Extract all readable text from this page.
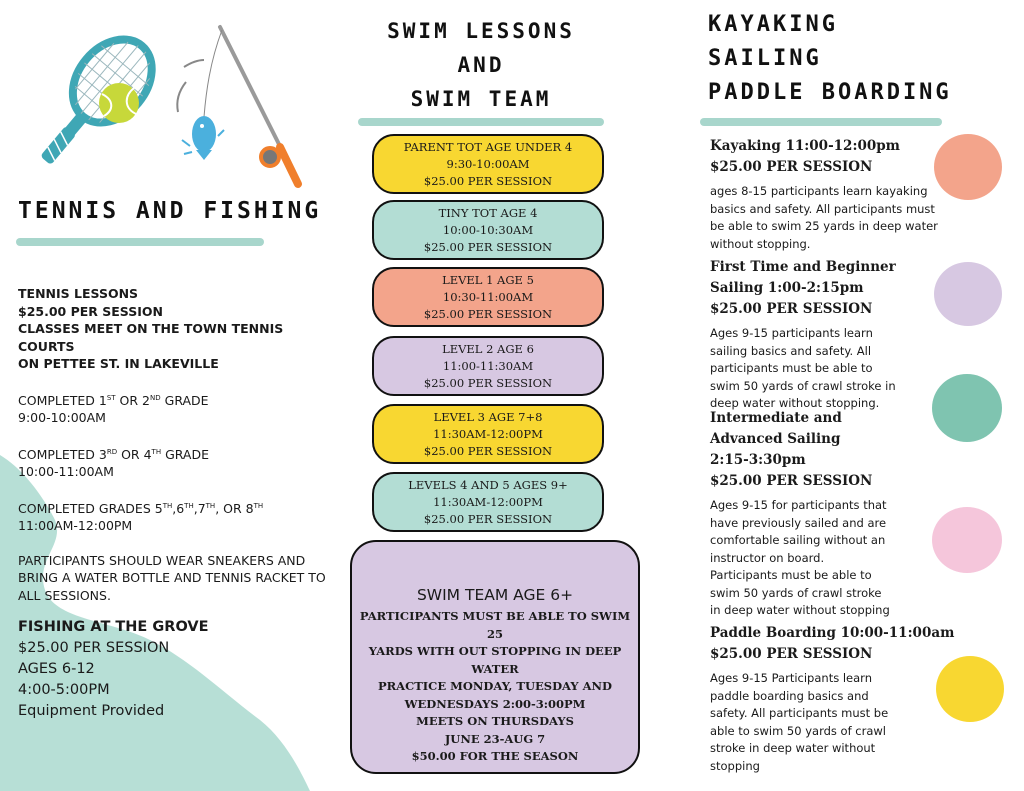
TENNIS AND FISHING

TENNIS LESSONS
$25.00 PER SESSION
CLASSES MEET ON THE TOWN TENNIS COURTS
ON PETTEE ST. IN LAKEVILLE

COMPLETED 1ST OR 2ND GRADE
9:00-10:00AM

COMPLETED 3RD OR 4TH GRADE
10:00-11:00AM

COMPLETED GRADES 5TH,6TH,7TH, OR 8TH
11:00AM-12:00PM

PARTICIPANTS SHOULD WEAR SNEAKERS AND
BRING A WATER BOTTLE AND TENNIS RACKET TO
ALL SESSIONS.

FISHING AT THE GROVE
$25.00 PER SESSION
AGES 6-12
4:00-5:00PM
Equipment Provided
SWIM LESSONS
AND
SWIM TEAM
PARENT TOT AGE UNDER 4
9:30-10:00AM
$25.00 PER SESSION
TINY TOT AGE 4
10:00-10:30AM
$25.00 PER SESSION
LEVEL 1 AGE 5
10:30-11:00AM
$25.00 PER SESSION
LEVEL 2 AGE 6
11:00-11:30AM
$25.00 PER SESSION
LEVEL 3 AGE 7+8
11:30AM-12:00PM
$25.00 PER SESSION
LEVELS 4 AND 5 AGES 9+
11:30AM-12:00PM
$25.00 PER SESSION
SWIM TEAM AGE 6+
PARTICIPANTS MUST BE ABLE TO SWIM 25
YARDS WITH OUT STOPPING IN DEEP WATER
PRACTICE MONDAY, TUESDAY AND
WEDNESDAYS 2:00-3:00PM
MEETS ON THURSDAYS
JUNE 23-AUG 7
$50.00 FOR THE SEASON
KAYAKING
SAILING
PADDLE BOARDING
Kayaking 11:00-12:00pm
$25.00 PER SESSION
ages 8-15 participants learn kayaking
basics and safety. All participants must
be able to swim 25 yards in deep water
without stopping.
First Time and Beginner
Sailing 1:00-2:15pm
$25.00 PER SESSION
Ages 9-15 participants learn
sailing basics and safety. All
participants must be able to
swim 50 yards of crawl stroke in
deep water without stopping.
Intermediate and
Advanced Sailing
2:15-3:30pm
$25.00 PER SESSION
Ages 9-15 for participants that
have previously sailed and are
comfortable sailing without an
instructor on board.
Participants must be able to
swim 50 yards of crawl stroke
in deep water without stopping
Paddle Boarding 10:00-11:00am
$25.00 PER SESSION
Ages 9-15 Participants learn
paddle boarding basics and
safety. All participants must be
able to swim 50 yards of crawl
stroke in deep water without
stopping
